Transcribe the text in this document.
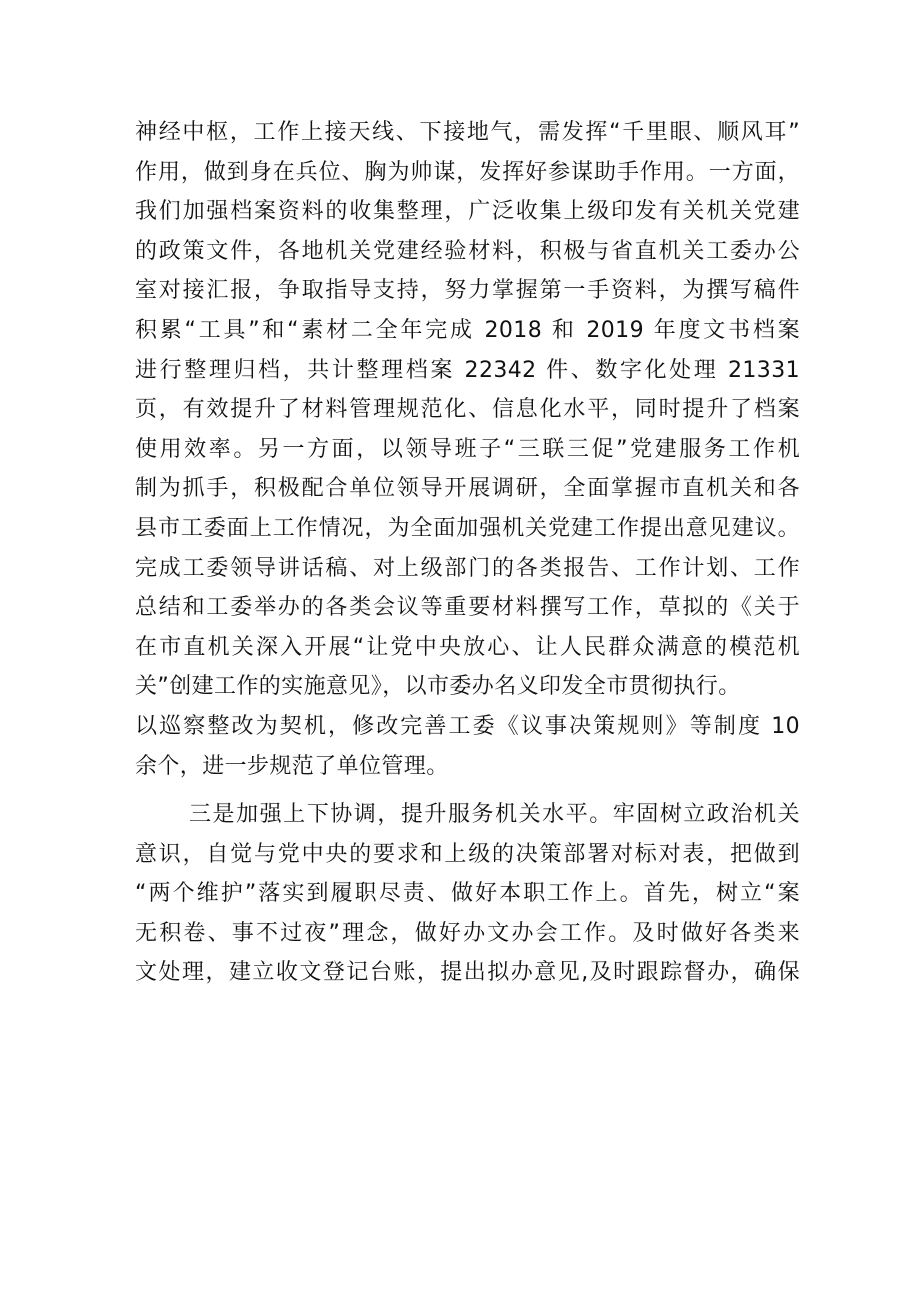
神经中枢，工作上接天线、下接地气，需发挥“千里眼、顺风耳”
作用，做到身在兵位、胸为帅谋，发挥好参谋助手作用。一方面，
我们加强档案资料的收集整理，广泛收集上级印发有关机关党建
的政策文件，各地机关党建经验材料，积极与省直机关工委办公
室对接汇报，争取指导支持，努力掌握第一手资料，为撰写稿件
积累“工具”和“素材二全年完成 2018 和 2019 年度文书档案
进行整理归档，共计整理档案 22342 件、数字化处理 21331
页，有效提升了材料管理规范化、信息化水平，同时提升了档案
使用效率。另一方面，以领导班子“三联三促”党建服务工作机
制为抓手，积极配合单位领导开展调研，全面掌握市直机关和各
县市工委面上工作情况，为全面加强机关党建工作提出意见建议。
完成工委领导讲话稿、对上级部门的各类报告、工作计划、工作
总结和工委举办的各类会议等重要材料撰写工作，草拟的《关于
在市直机关深入开展“让党中央放心、让人民群众满意的模范机
关”创建工作的实施意见》，以市委办名义印发全市贯彻执行。
以巡察整改为契机，修改完善工委《议事决策规则》等制度 10
余个，进一步规范了单位管理。
三是加强上下协调，提升服务机关水平。牢固树立政治机关
意识，自觉与党中央的要求和上级的决策部署对标对表，把做到
“两个维护”落实到履职尽责、做好本职工作上。首先，树立“案
无积卷、事不过夜”理念，做好办文办会工作。及时做好各类来
文处理，建立收文登记台账，提出拟办意见,及时跟踪督办，确保
